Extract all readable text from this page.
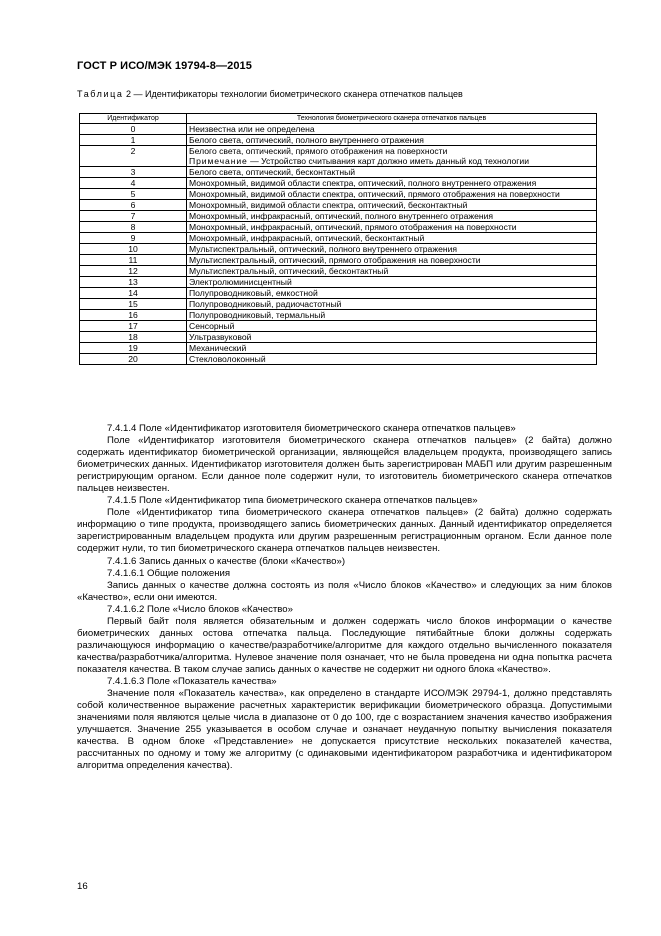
ГОСТ Р ИСО/МЭК 19794-8—2015
Таблица 2 — Идентификаторы технологии биометрического сканера отпечатков пальцев
Идентификатор	Технология биометрического сканера отпечатков пальцев
0	Неизвестна или не определена
1	Белого света, оптический, полного внутреннего отражения
2	Белого света, оптический, прямого отображения на поверхности
Примечание — Устройство считывания карт должно иметь данный код технологии
3	Белого света, оптический, бесконтактный
4	Монохромный, видимой области спектра, оптический, полного внутреннего отражения
5	Монохромный, видимой области спектра, оптический, прямого отображения на поверхности
6	Монохромный, видимой области спектра, оптический, бесконтактный
7	Монохромный, инфракрасный, оптический, полного внутреннего отражения
8	Монохромный, инфракрасный, оптический, прямого отображения на поверхности
9	Монохромный, инфракрасный, оптический, бесконтактный
10	Мультиспектральный, оптический, полного внутреннего отражения
11	Мультиспектральный, оптический, прямого отображения на поверхности
12	Мультиспектральный, оптический, бесконтактный
13	Электролюминисцентный
14	Полупроводниковый, емкостной
15	Полупроводниковый, радиочастотный
16	Полупроводниковый, термальный
17	Сенсорный
18	Ультразвуковой
19	Механический
20	Стекловолоконный

7.4.1.4 Поле «Идентификатор изготовителя биометрического сканера отпечатков пальцев»

Поле «Идентификатор изготовителя биометрического сканера отпечатков пальцев» (2 байта) должно содержать идентификатор биометрической организации, являющейся владельцем продукта, производящего запись биометрических данных. Идентификатор изготовителя должен быть зарегистрирован МАБП или другим разрешенным регистрирующим органом. Если данное поле содержит нули, то изготовитель биометрического сканера отпечатков пальцев неизвестен.

7.4.1.5 Поле «Идентификатор типа биометрического сканера отпечатков пальцев»

Поле «Идентификатор типа биометрического сканера отпечатков пальцев» (2 байта) должно содержать информацию о типе продукта, производящего запись биометрических данных. Данный идентификатор определяется зарегистрированным владельцем продукта или другим разрешенным регистрационным органом. Если данное поле содержит нули, то тип биометрического сканера отпечатков пальцев неизвестен.

7.4.1.6 Запись данных о качестве (блоки «Качество»)

7.4.1.6.1 Общие положения

Запись данных о качестве должна состоять из поля «Число блоков «Качество» и следующих за ним блоков «Качество», если они имеются.

7.4.1.6.2 Поле «Число блоков «Качество»

Первый байт поля является обязательным и должен содержать число блоков информации о качестве биометрических данных остова отпечатка пальца. Последующие пятибайтные блоки должны содержать различающуюся информацию о качестве/разработчике/алгоритме для каждого отдельно вычисленного показателя качества/разработчика/алгоритма. Нулевое значение поля означает, что не была проведена ни одна попытка расчета показателя качества. В таком случае запись данных о качестве не содержит ни одного блока «Качество».

7.4.1.6.3 Поле «Показатель качества»

Значение поля «Показатель качества», как определено в стандарте ИСО/МЭК 29794-1, должно представлять собой количественное выражение расчетных характеристик верификации биометрического образца. Допустимыми значениями поля являются целые числа в диапазоне от 0 до 100, где с возрастанием значения качество изображения улучшается. Значение 255 указывается в особом случае и означает неудачную попытку вычисления показателя качества. В одном блоке «Представление» не допускается присутствие нескольких показателей качества, рассчитанных по одному и тому же алгоритму (с одинаковыми идентификатором разработчика и идентификатором алгоритма определения качества).

16
